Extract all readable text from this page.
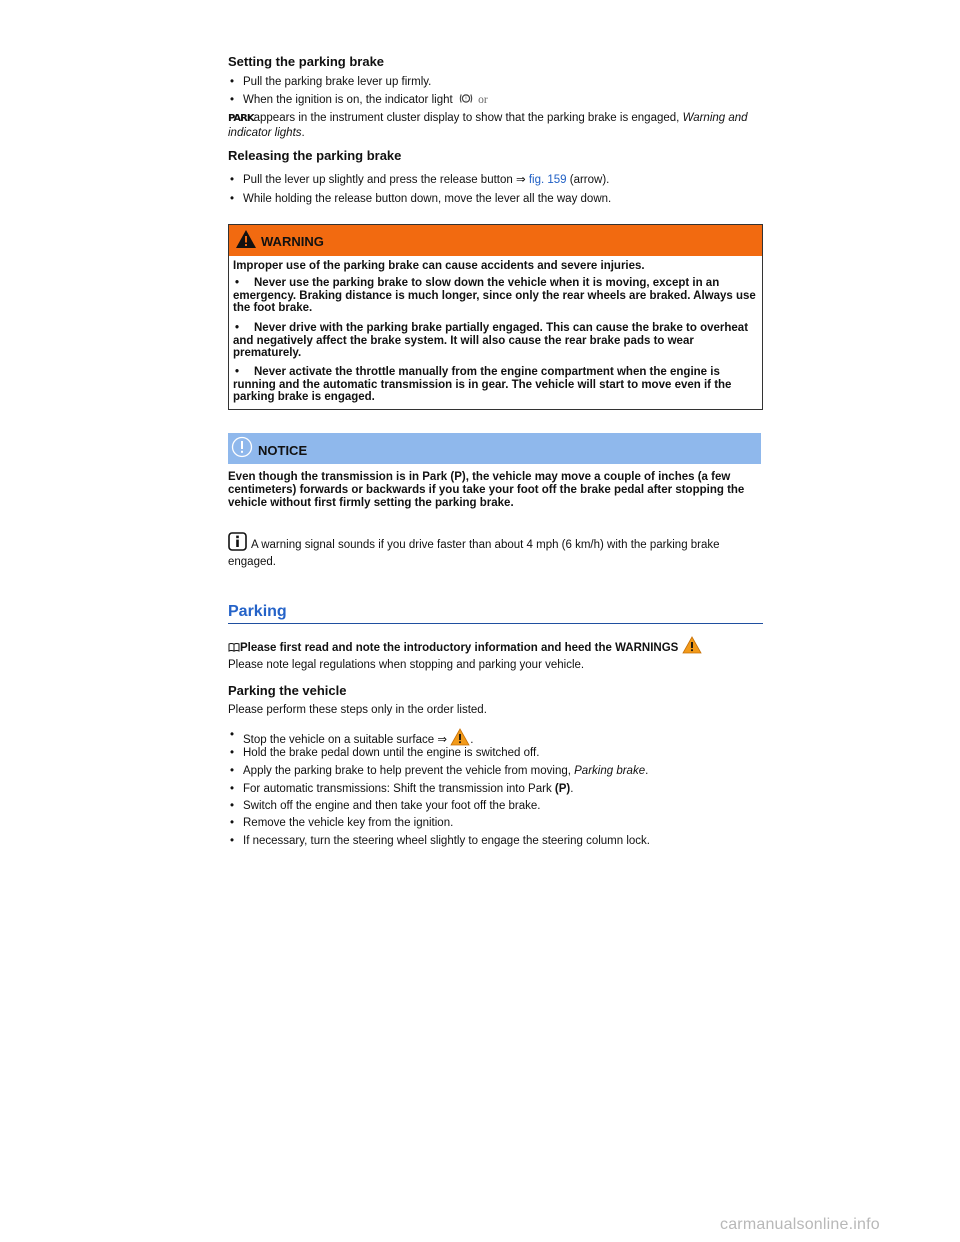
Setting the parking brake
• Pull the parking brake lever up firmly.
• When the ignition is on, the indicator light ! or
PARKappears in the instrument cluster display to show that the parking brake is engaged, Warning and indicator lights.
Releasing the parking brake
• Pull the lever up slightly and press the release button ⇒ fig. 159 (arrow).
• While holding the release button down, move the lever all the way down.
WARNING
Improper use of the parking brake can cause accidents and severe injuries.
•	Never use the parking brake to slow down the vehicle when it is moving, except in an emergency. Braking distance is much longer, since only the rear wheels are braked. Always use the foot brake.
•	Never drive with the parking brake partially engaged. This can cause the brake to overheat and negatively affect the brake system. It will also cause the rear brake pads to wear prematurely.
•	Never activate the throttle manually from the engine compartment when the engine is running and the automatic transmission is in gear. The vehicle will start to move even if the parking brake is engaged.
NOTICE
Even though the transmission is in Park (P), the vehicle may move a couple of inches (a few centimeters) forwards or backwards if you take your foot off the brake pedal after stopping the vehicle without first firmly setting the parking brake.
A warning signal sounds if you drive faster than about 4 mph (6 km/h) with the parking brake engaged.
Parking
Please first read and note the introductory information and heed the WARNINGS
Please note legal regulations when stopping and parking your vehicle.
Parking the vehicle
Please perform these steps only in the order listed.
• Stop the vehicle on a suitable surface ⇒ .
• Hold the brake pedal down until the engine is switched off.
• Apply the parking brake to help prevent the vehicle from moving, Parking brake.
• For automatic transmissions: Shift the transmission into Park (P).
• Switch off the engine and then take your foot off the brake.
• Remove the vehicle key from the ignition.
• If necessary, turn the steering wheel slightly to engage the steering column lock.
carmanualsonline.info
